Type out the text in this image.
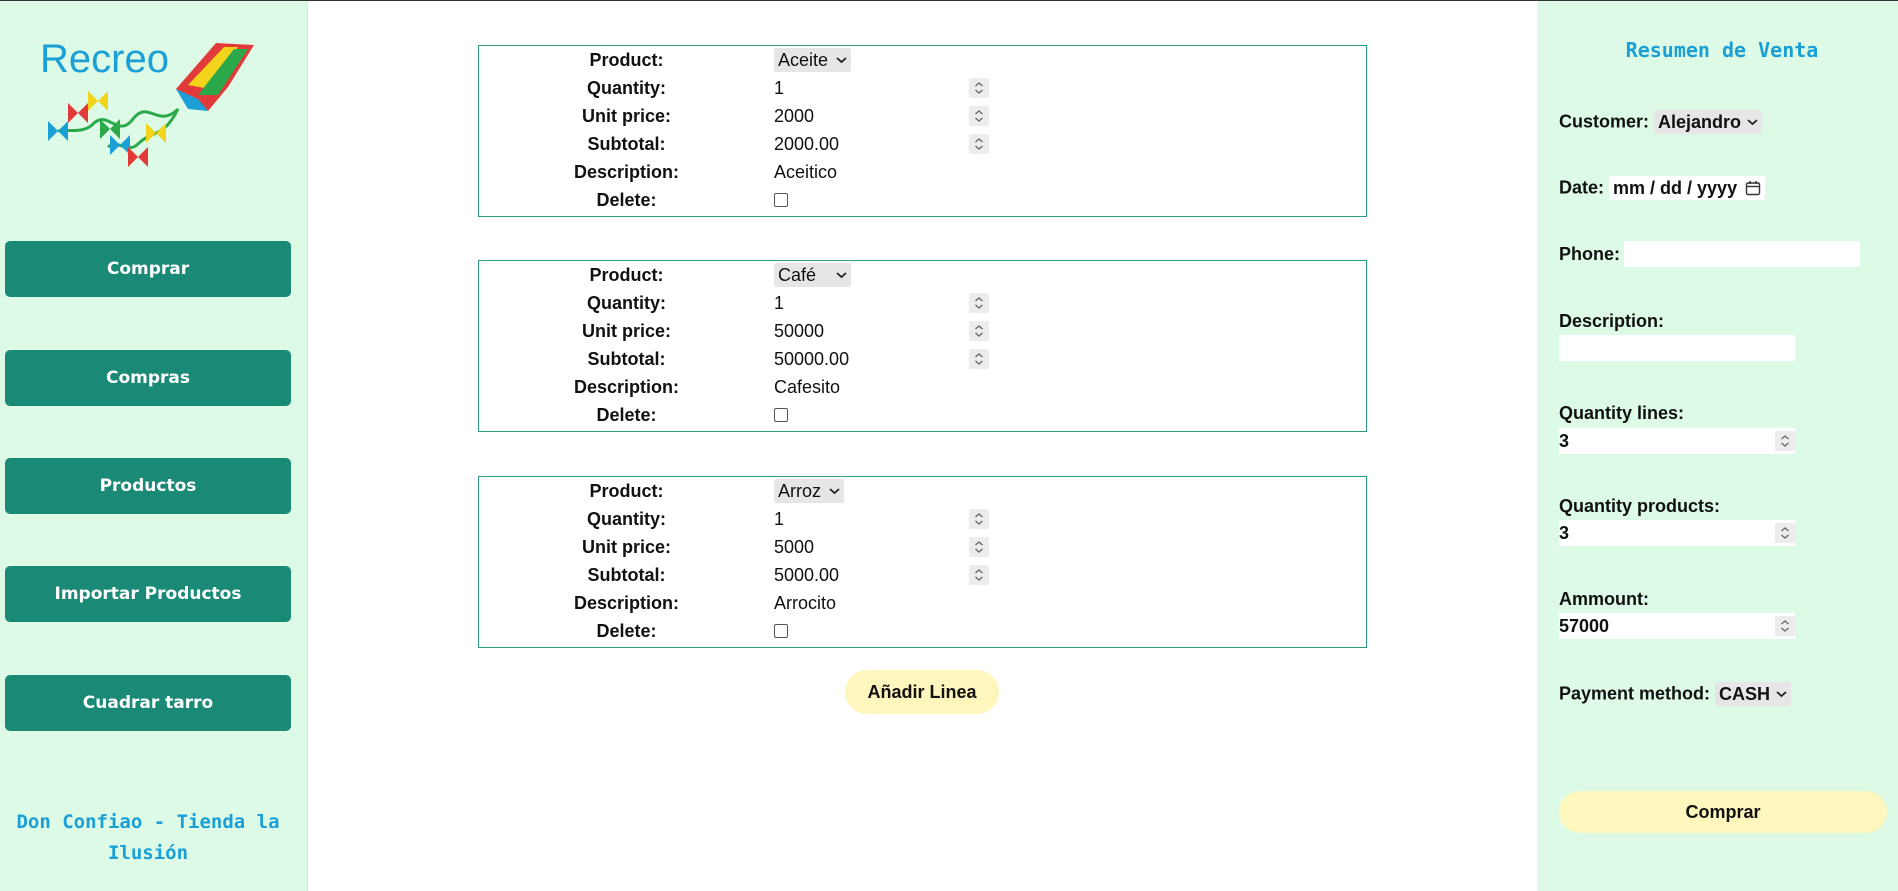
Recreo
Comprar
Compras
Productos
Importar Productos
Cuadrar tarro
Don Confiao - Tienda la
Ilusión
Product:	Aceite
Quantity:	1
Unit price:	2000
Subtotal:	2000.00
Description:	Aceitico
Delete:
Product:	Café
Quantity:	1
Unit price:	50000
Subtotal:	50000.00
Description:	Cafesito
Delete:
Product:	Arroz
Quantity:	1
Unit price:	5000
Subtotal:	5000.00
Description:	Arrocito
Delete:
Añadir Linea
Resumen de Venta
Customer: Alejandro
Date: mm / dd / yyyy
Phone:
Description:
Quantity lines:
3
Quantity products:
3
Ammount:
57000
Payment method: CASH
Comprar
